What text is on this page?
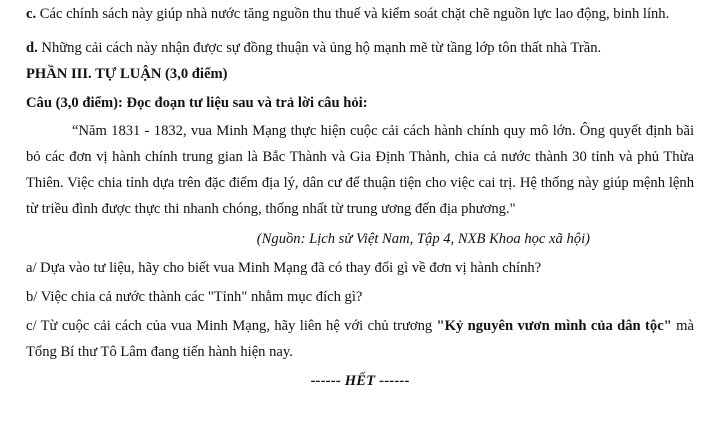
c. Các chính sách này giúp nhà nước tăng nguồn thu thuế và kiểm soát chặt chẽ nguồn lực lao động, binh lính.

d. Những cải cách này nhận được sự đồng thuận và ủng hộ mạnh mẽ từ tầng lớp tôn thất nhà Trần.

PHẦN III. TỰ LUẬN (3,0 điểm)

Câu (3,0 điểm): Đọc đoạn tư liệu sau và trả lời câu hỏi:

“Năm 1831 - 1832, vua Minh Mạng thực hiện cuộc cải cách hành chính quy mô lớn. Ông quyết định bãi bỏ các đơn vị hành chính trung gian là Bắc Thành và Gia Định Thành, chia cả nước thành 30 tỉnh và phủ Thừa Thiên. Việc chia tỉnh dựa trên đặc điểm địa lý, dân cư để thuận tiện cho việc cai trị. Hệ thống này giúp mệnh lệnh từ triều đình được thực thi nhanh chóng, thống nhất từ trung ương đến địa phương."

(Nguồn: Lịch sử Việt Nam, Tập 4, NXB Khoa học xã hội)

a/ Dựa vào tư liệu, hãy cho biết vua Minh Mạng đã có thay đổi gì về đơn vị hành chính?

b/ Việc chia cả nước thành các "Tỉnh" nhằm mục đích gì?

c/ Từ cuộc cải cách của vua Minh Mạng, hãy liên hệ với chủ trương "Kỷ nguyên vươn mình của dân tộc" mà Tổng Bí thư Tô Lâm đang tiến hành hiện nay.

------ HẾT ------
